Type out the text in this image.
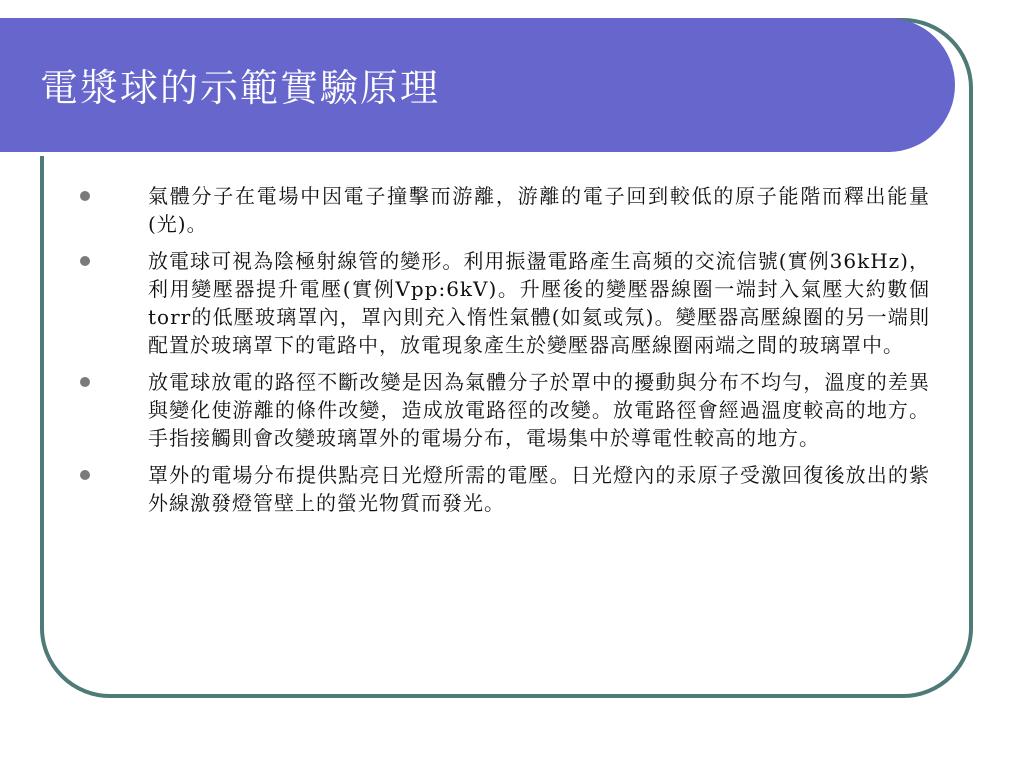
電漿球的示範實驗原理
氣體分子在電場中因電子撞擊而游離，游離的電子回到較低的原子能階而釋出能量(光)。
放電球可視為陰極射線管的變形。利用振盪電路產生高頻的交流信號(實例36kHz)， 利用變壓器提升電壓(實例Vpp:6kV)。升壓後的變壓器線圈一端封入氣壓大約數個torr的低壓玻璃罩內，罩內則充入惰性氣體(如氦或氖)。變壓器高壓線圈的另一端則配置於玻璃罩下的電路中，放電現象產生於變壓器高壓線圈兩端之間的玻璃罩中。
放電球放電的路徑不斷改變是因為氣體分子於罩中的擾動與分布不均勻，溫度的差異與變化使游離的條件改變，造成放電路徑的改變。放電路徑會經過溫度較高的地方。手指接觸則會改變玻璃罩外的電場分布，電場集中於導電性較高的地方。
罩外的電場分布提供點亮日光燈所需的電壓。日光燈內的汞原子受激回復後放出的紫外線激發燈管壁上的螢光物質而發光。
